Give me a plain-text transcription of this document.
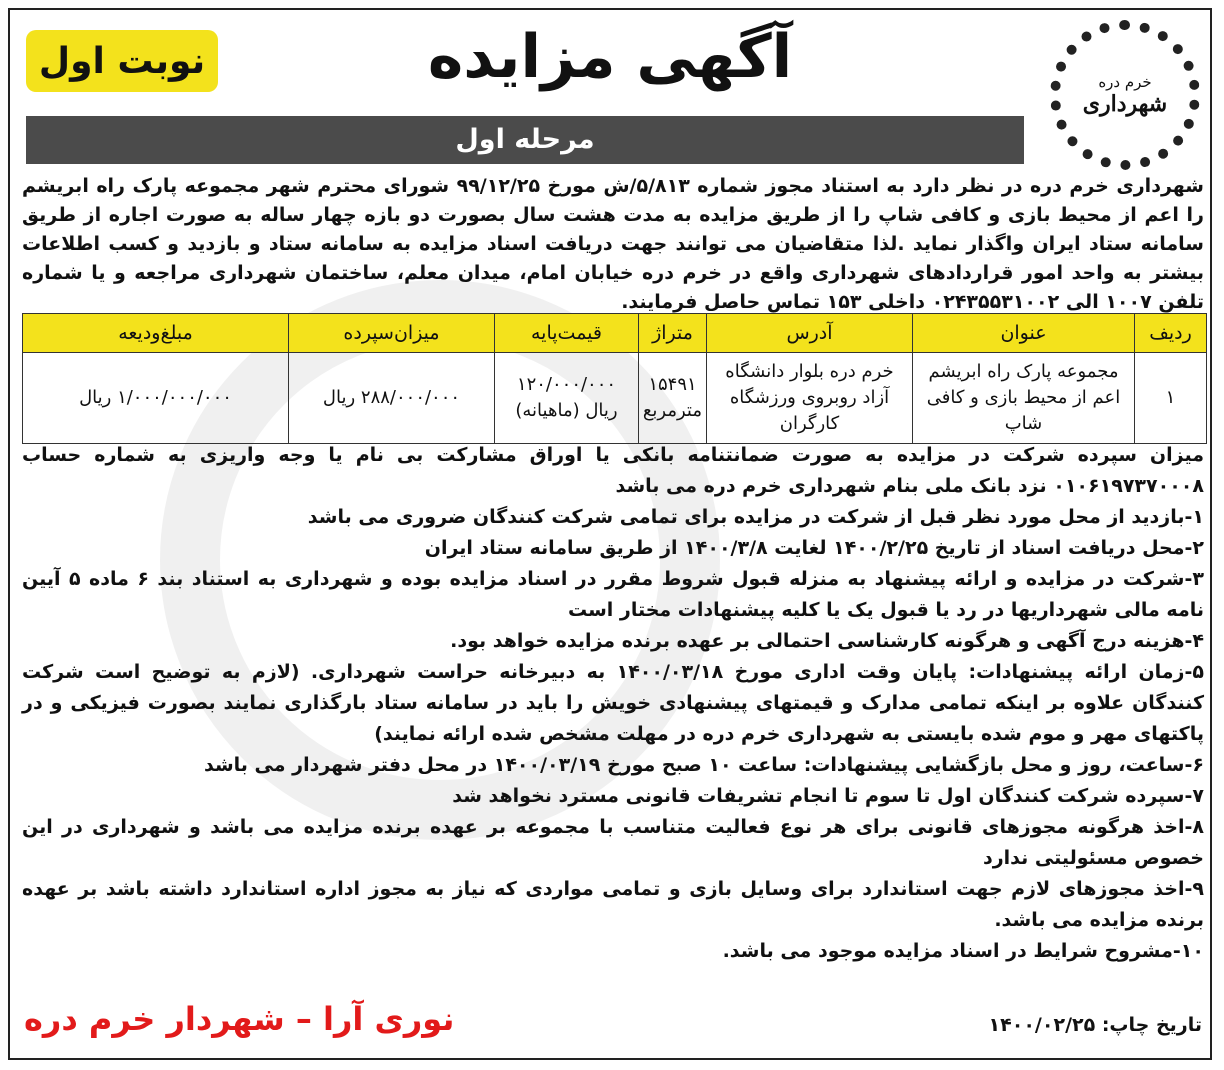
خرم دره
شهرداری
آگهی مزایده
نوبت اول
مرحله اول
شهرداری خرم دره در نظر دارد به استناد مجوز شماره ۵/۸۱۳/ش مورخ ۹۹/۱۲/۲۵ شورای محترم شهر مجموعه پارک راه ابریشم را اعم از محیط بازی و کافی شاپ را از طریق مزایده به مدت هشت سال بصورت دو بازه چهار ساله به صورت اجاره از طریق سامانه ستاد ایران واگذار نماید .لذا متقاضیان می توانند جهت دریافت اسناد مزایده به سامانه ستاد و بازدید و کسب اطلاعات بیشتر به واحد امور قراردادهای شهرداری واقع در خرم دره خیابان امام، میدان معلم، ساختمان شهرداری مراجعه و یا شماره تلفن ۱۰۰۷ الی ۰۲۴۳۵۵۳۱۰۰۲ داخلی ۱۵۳ تماس حاصل فرمایند.
ردیف	عنوان	آدرس	متراژ	قیمت‌پایه	میزان‌سپرده	مبلغ‌ودیعه
۱	مجموعه پارک راه ابریشم اعم از محیط بازی و کافی شاپ	خرم دره بلوار دانشگاه آزاد روبروی ورزشگاه کارگران	۱۵۴۹۱ مترمربع	۱۲۰/۰۰۰/۰۰۰ ریال (ماهیانه)	۲۸۸/۰۰۰/۰۰۰ ریال	۱/۰۰۰/۰۰۰/۰۰۰ ریال

میزان سپرده شرکت در مزایده به صورت ضمانتنامه بانکی یا اوراق مشارکت بی نام یا وجه واریزی به شماره حساب ۰۱۰۶۱۹۷۳۷۰۰۰۸ نزد بانک ملی بنام شهرداری خرم دره می باشد

۱-بازدید از محل مورد نظر قبل از شرکت در مزایده برای تمامی شرکت کنندگان ضروری می باشد

۲-محل دریافت اسناد از تاریخ ۱۴۰۰/۲/۲۵ لغایت ۱۴۰۰/۳/۸ از طریق سامانه ستاد ایران

۳-شرکت در مزایده و ارائه پیشنهاد به منزله قبول شروط مقرر در اسناد مزایده بوده و شهرداری به استناد بند ۶ ماده ۵ آیین نامه مالی شهرداریها در رد یا قبول یک یا کلیه پیشنهادات مختار است

۴-هزینه درج آگهی و هرگونه کارشناسی احتمالی بر عهده برنده مزایده خواهد بود.

۵-زمان ارائه پیشنهادات: پایان وقت اداری مورخ ۱۴۰۰/۰۳/۱۸ به دبیرخانه حراست شهرداری. (لازم به توضیح است شرکت کنندگان علاوه بر اینکه تمامی مدارک و قیمتهای پیشنهادی خویش را باید در سامانه ستاد بارگذاری نمایند بصورت فیزیکی و در پاکتهای مهر و موم شده بایستی به شهرداری خرم دره در مهلت مشخص شده ارائه نمایند)

۶-ساعت، روز و محل بازگشایی پیشنهادات: ساعت ۱۰ صبح مورخ ۱۴۰۰/۰۳/۱۹ در محل دفتر شهردار می باشد

۷-سپرده شرکت کنندگان اول تا سوم تا انجام تشریفات قانونی مسترد نخواهد شد

۸-اخذ هرگونه مجوزهای قانونی برای هر نوع فعالیت متناسب با مجموعه بر عهده برنده مزایده می باشد و شهرداری در این خصوص مسئولیتی ندارد

۹-اخذ مجوزهای لازم جهت استاندارد برای وسایل بازی و تمامی مواردی که نیاز به مجوز اداره استاندارد داشته باشد بر عهده برنده مزایده می باشد.

۱۰-مشروح شرایط در اسناد مزایده موجود می باشد.

نوری آرا – شهردار خرم دره	تاریخ چاپ: ۱۴۰۰/۰۲/۲۵
